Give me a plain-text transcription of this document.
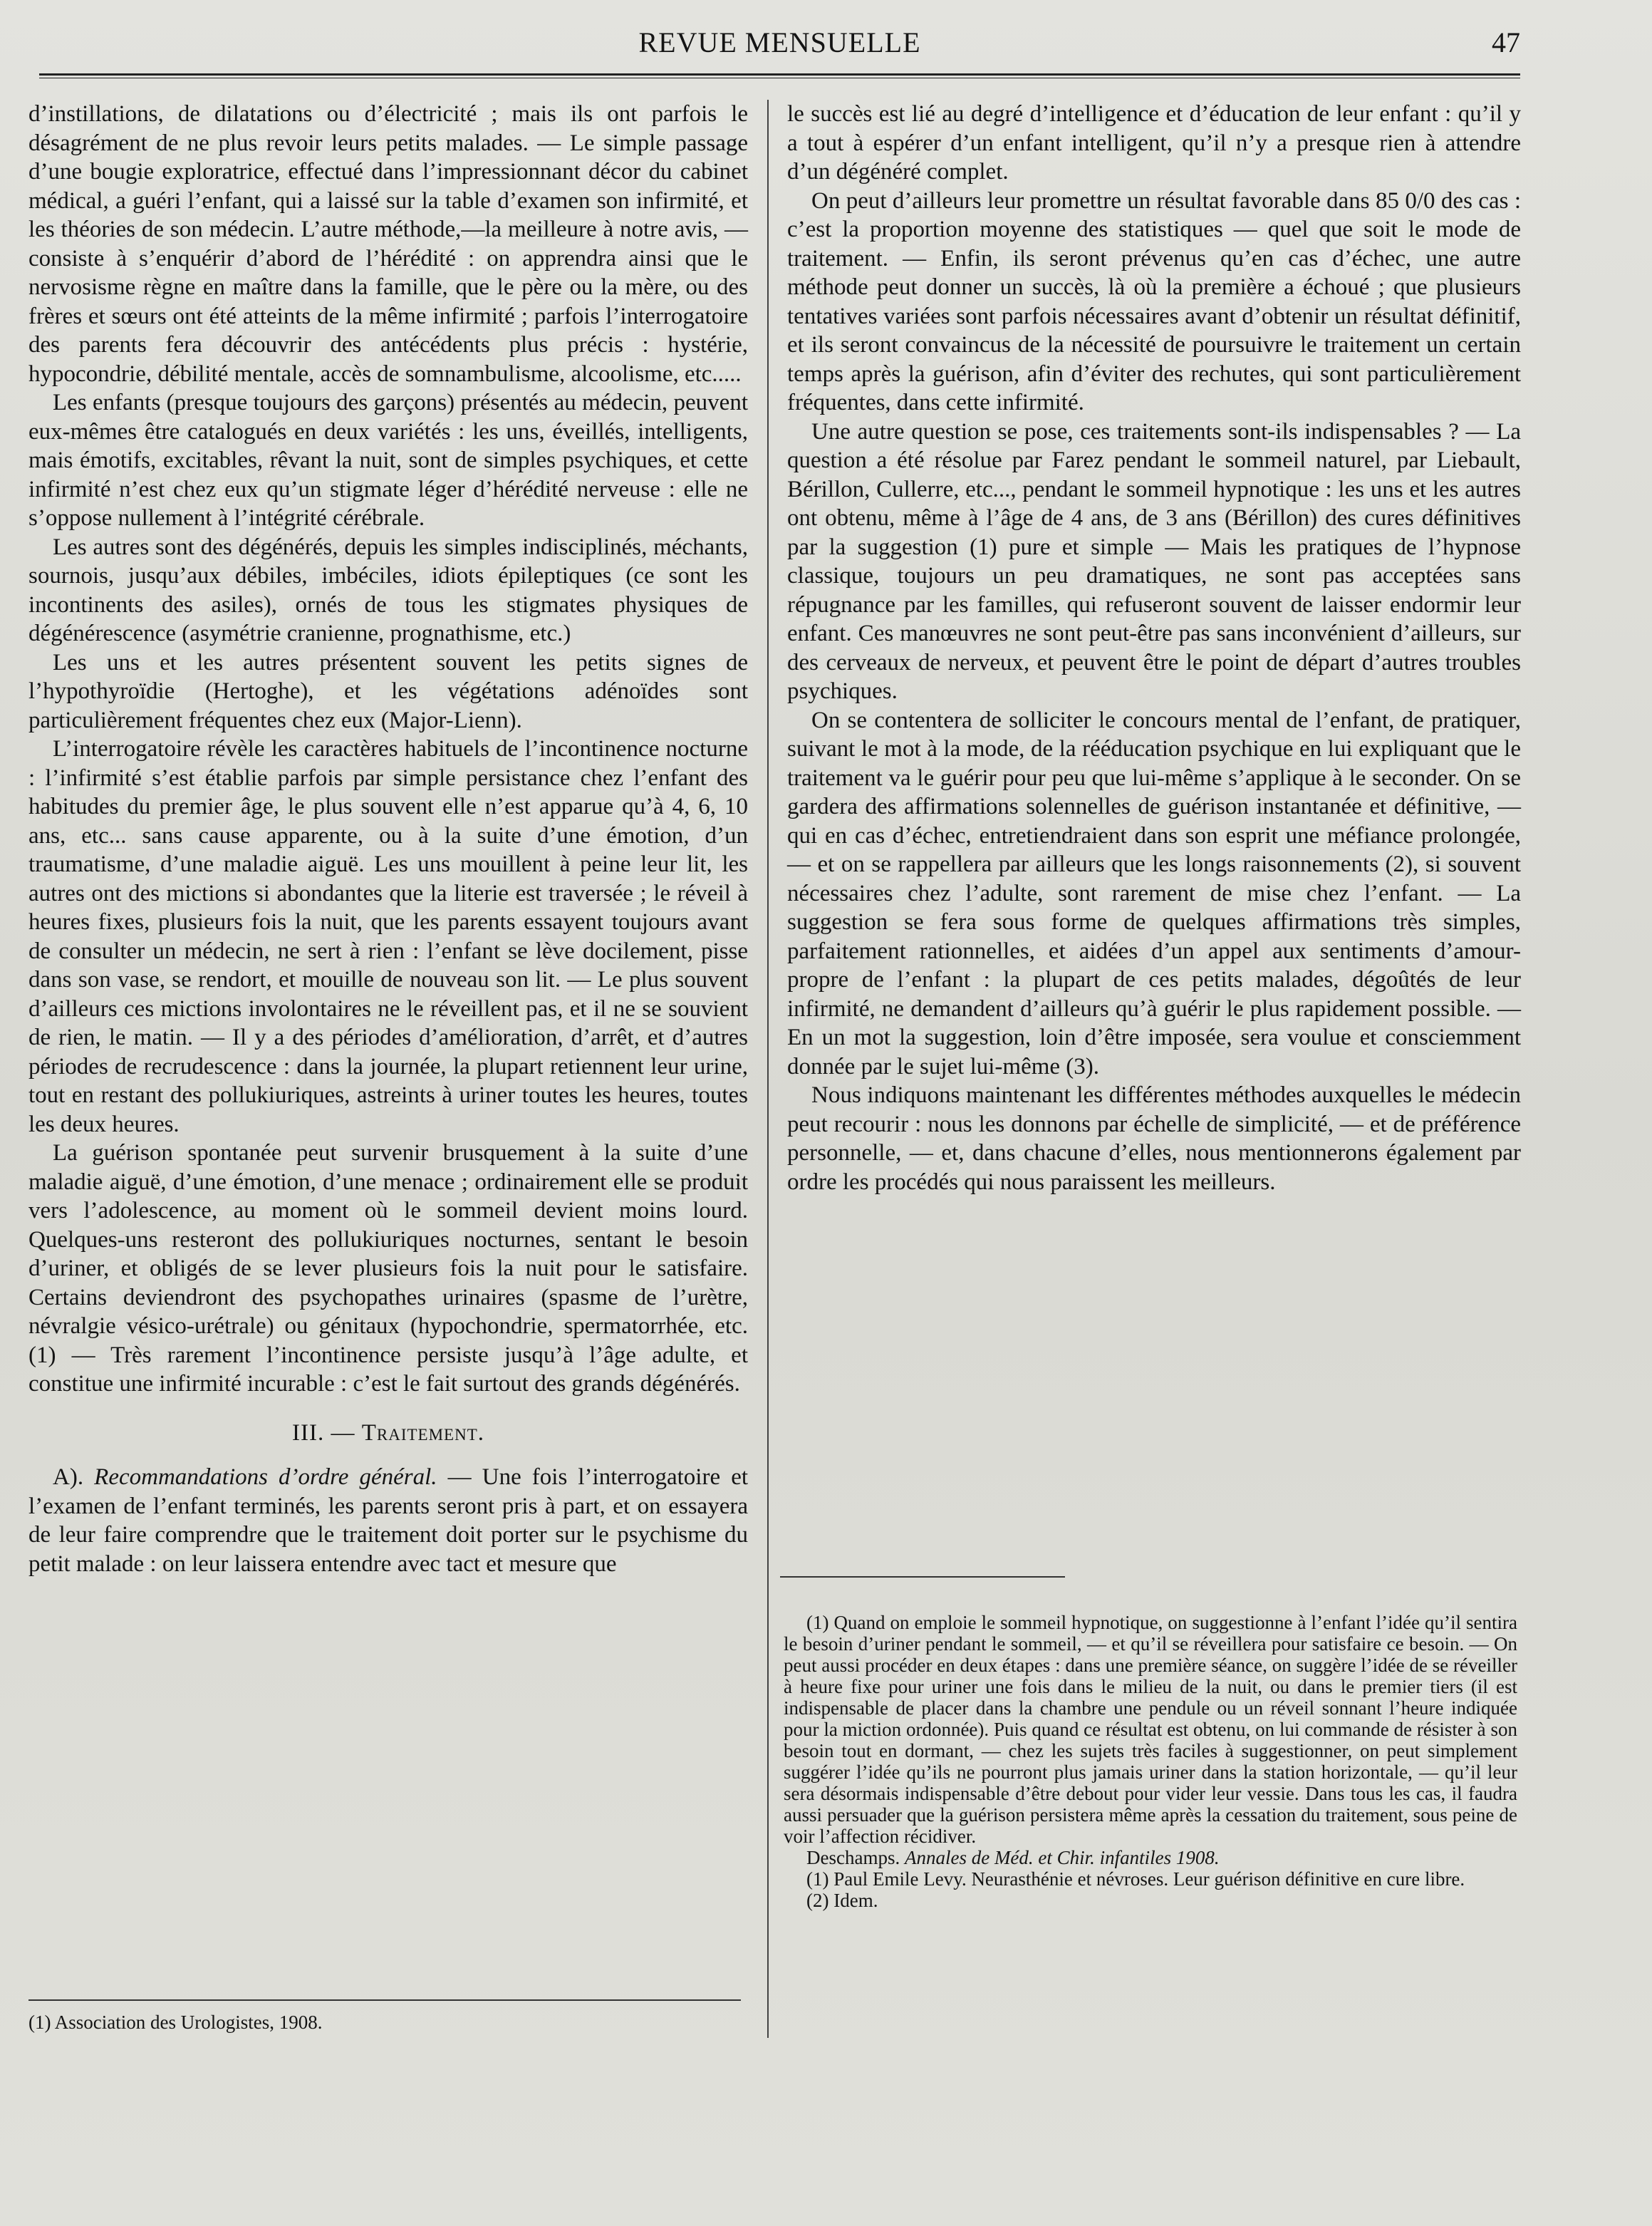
REVUE MENSUELLE	47

d’instillations, de dilatations ou d’électricité ; mais ils ont parfois le désagrément de ne plus revoir leurs petits malades. — Le simple passage d’une bougie exploratrice, effectué dans l’impressionnant décor du cabinet médical, a guéri l’enfant, qui a laissé sur la table d’examen son infirmité, et les théories de son médecin. L’autre méthode,—la meilleure à notre avis, — consiste à s’enquérir d’abord de l’hérédité : on apprendra ainsi que le nervosisme règne en maître dans la famille, que le père ou la mère, ou des frères et sœurs ont été atteints de la même infirmité ; parfois l’interrogatoire des parents fera découvrir des antécédents plus précis : hystérie, hypocondrie, débilité mentale, accès de somnambulisme, alcoolisme, etc.....

Les enfants (presque toujours des garçons) présentés au médecin, peuvent eux-mêmes être catalogués en deux variétés : les uns, éveillés, intelligents, mais émotifs, excitables, rêvant la nuit, sont de simples psychiques, et cette infirmité n’est chez eux qu’un stigmate léger d’hérédité nerveuse : elle ne s’oppose nullement à l’intégrité cérébrale.

Les autres sont des dégénérés, depuis les simples indisciplinés, méchants, sournois, jusqu’aux débiles, imbéciles, idiots épileptiques (ce sont les incontinents des asiles), ornés de tous les stigmates physiques de dégénérescence (asymétrie cranienne, prognathisme, etc.)

Les uns et les autres présentent souvent les petits signes de l’hypothyroïdie (Hertoghe), et les végétations adénoïdes sont particulièrement fréquentes chez eux (Major-Lienn).

L’interrogatoire révèle les caractères habituels de l’incontinence nocturne : l’infirmité s’est établie parfois par simple persistance chez l’enfant des habitudes du premier âge, le plus souvent elle n’est apparue qu’à 4, 6, 10 ans, etc... sans cause apparente, ou à la suite d’une émotion, d’un traumatisme, d’une maladie aiguë. Les uns mouillent à peine leur lit, les autres ont des mictions si abondantes que la literie est traversée ; le réveil à heures fixes, plusieurs fois la nuit, que les parents essayent toujours avant de consulter un médecin, ne sert à rien : l’enfant se lève docilement, pisse dans son vase, se rendort, et mouille de nouveau son lit. — Le plus souvent d’ailleurs ces mictions involontaires ne le réveillent pas, et il ne se souvient de rien, le matin. — Il y a des périodes d’amélioration, d’arrêt, et d’autres périodes de recrudescence : dans la journée, la plupart retiennent leur urine, tout en restant des pollukiuriques, astreints à uriner toutes les heures, toutes les deux heures.

La guérison spontanée peut survenir brusquement à la suite d’une maladie aiguë, d’une émotion, d’une menace ; ordinairement elle se produit vers l’adolescence, au moment où le sommeil devient moins lourd. Quelques-uns resteront des pollukiuriques nocturnes, sentant le besoin d’uriner, et obligés de se lever plusieurs fois la nuit pour le satisfaire. Certains deviendront des psychopathes urinaires (spasme de l’urètre, névralgie vésico-urétrale) ou génitaux (hypochondrie, spermatorrhée, etc. (1) — Très rarement l’incontinence persiste jusqu’à l’âge adulte, et constitue une infirmité incurable : c’est le fait surtout des grands dégénérés.

III. — Traitement.

A). Recommandations d’ordre général. — Une fois l’interrogatoire et l’examen de l’enfant terminés, les parents seront pris à part, et on essayera de leur faire comprendre que le traitement doit porter sur le psychisme du petit malade : on leur laissera entendre avec tact et mesure que

le succès est lié au degré d’intelligence et d’éducation de leur enfant : qu’il y a tout à espérer d’un enfant intelligent, qu’il n’y a presque rien à attendre d’un dégénéré complet.

On peut d’ailleurs leur promettre un résultat favorable dans 85 0/0 des cas : c’est la proportion moyenne des statistiques — quel que soit le mode de traitement. — Enfin, ils seront prévenus qu’en cas d’échec, une autre méthode peut donner un succès, là où la première a échoué ; que plusieurs tentatives variées sont parfois nécessaires avant d’obtenir un résultat définitif, et ils seront convaincus de la nécessité de poursuivre le traitement un certain temps après la guérison, afin d’éviter des rechutes, qui sont particulièrement fréquentes, dans cette infirmité.

Une autre question se pose, ces traitements sont-ils indispensables ? — La question a été résolue par Farez pendant le sommeil naturel, par Liebault, Bérillon, Cullerre, etc..., pendant le sommeil hypnotique : les uns et les autres ont obtenu, même à l’âge de 4 ans, de 3 ans (Bérillon) des cures définitives par la suggestion (1) pure et simple — Mais les pratiques de l’hypnose classique, toujours un peu dramatiques, ne sont pas acceptées sans répugnance par les familles, qui refuseront souvent de laisser endormir leur enfant. Ces manœuvres ne sont peut-être pas sans inconvénient d’ailleurs, sur des cerveaux de nerveux, et peuvent être le point de départ d’autres troubles psychiques.

On se contentera de solliciter le concours mental de l’enfant, de pratiquer, suivant le mot à la mode, de la rééducation psychique en lui expliquant que le traitement va le guérir pour peu que lui-même s’applique à le seconder. On se gardera des affirmations solennelles de guérison instantanée et définitive, — qui en cas d’échec, entretiendraient dans son esprit une méfiance prolongée, — et on se rappellera par ailleurs que les longs raisonnements (2), si souvent nécessaires chez l’adulte, sont rarement de mise chez l’enfant. — La suggestion se fera sous forme de quelques affirmations très simples, parfaitement rationnelles, et aidées d’un appel aux sentiments d’amour-propre de l’enfant : la plupart de ces petits malades, dégoûtés de leur infirmité, ne demandent d’ailleurs qu’à guérir le plus rapidement possible. — En un mot la suggestion, loin d’être imposée, sera voulue et consciemment donnée par le sujet lui-même (3).

Nous indiquons maintenant les différentes méthodes auxquelles le médecin peut recourir : nous les donnons par échelle de simplicité, — et de préférence personnelle, — et, dans chacune d’elles, nous mentionnerons également par ordre les procédés qui nous paraissent les meilleurs.

(1) Quand on emploie le sommeil hypnotique, on suggestionne à l’enfant l’idée qu’il sentira le besoin d’uriner pendant le sommeil, — et qu’il se réveillera pour satisfaire ce besoin. — On peut aussi procéder en deux étapes : dans une première séance, on suggère l’idée de se réveiller à heure fixe pour uriner une fois dans le milieu de la nuit, ou dans le premier tiers (il est indispensable de placer dans la chambre une pendule ou un réveil sonnant l’heure indiquée pour la miction ordonnée). Puis quand ce résultat est obtenu, on lui commande de résister à son besoin tout en dormant, — chez les sujets très faciles à suggestionner, on peut simplement suggérer l’idée qu’ils ne pourront plus jamais uriner dans la station horizontale, — qu’il leur sera désormais indispensable d’être debout pour vider leur vessie. Dans tous les cas, il faudra aussi persuader que la guérison persistera même après la cessation du traitement, sous peine de voir l’affection récidiver.

Deschamps. Annales de Méd. et Chir. infantiles 1908.

(1) Paul Emile Levy. Neurasthénie et névroses. Leur guérison définitive en cure libre.

(2) Idem.

(1) Association des Urologistes, 1908.
